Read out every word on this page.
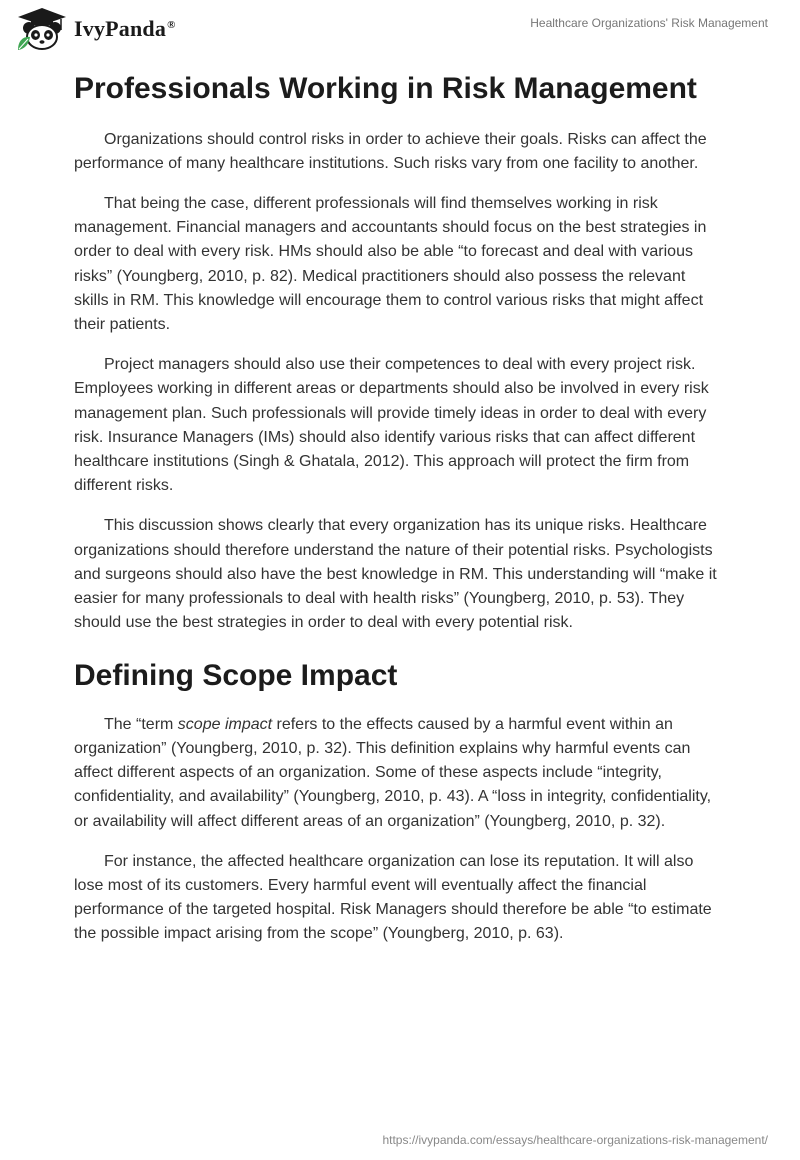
IvyPanda®	Healthcare Organizations' Risk Management
Professionals Working in Risk Management

Organizations should control risks in order to achieve their goals. Risks can affect the performance of many healthcare institutions. Such risks vary from one facility to another.

That being the case, different professionals will find themselves working in risk management. Financial managers and accountants should focus on the best strategies in order to deal with every risk. HMs should also be able “to forecast and deal with various risks” (Youngberg, 2010, p. 82). Medical practitioners should also possess the relevant skills in RM. This knowledge will encourage them to control various risks that might affect their patients.

Project managers should also use their competences to deal with every project risk. Employees working in different areas or departments should also be involved in every risk management plan. Such professionals will provide timely ideas in order to deal with every risk. Insurance Managers (IMs) should also identify various risks that can affect different healthcare institutions (Singh & Ghatala, 2012). This approach will protect the firm from different risks.

This discussion shows clearly that every organization has its unique risks. Healthcare organizations should therefore understand the nature of their potential risks. Psychologists and surgeons should also have the best knowledge in RM. This understanding will “make it easier for many professionals to deal with health risks” (Youngberg, 2010, p. 53). They should use the best strategies in order to deal with every potential risk.

Defining Scope Impact

The “term scope impact refers to the effects caused by a harmful event within an organization” (Youngberg, 2010, p. 32). This definition explains why harmful events can affect different aspects of an organization. Some of these aspects include “integrity, confidentiality, and availability” (Youngberg, 2010, p. 43). A “loss in integrity, confidentiality, or availability will affect different areas of an organization” (Youngberg, 2010, p. 32).

For instance, the affected healthcare organization can lose its reputation. It will also lose most of its customers. Every harmful event will eventually affect the financial performance of the targeted hospital. Risk Managers should therefore be able “to estimate the possible impact arising from the scope” (Youngberg, 2010, p. 63).

https://ivypanda.com/essays/healthcare-organizations-risk-management/
